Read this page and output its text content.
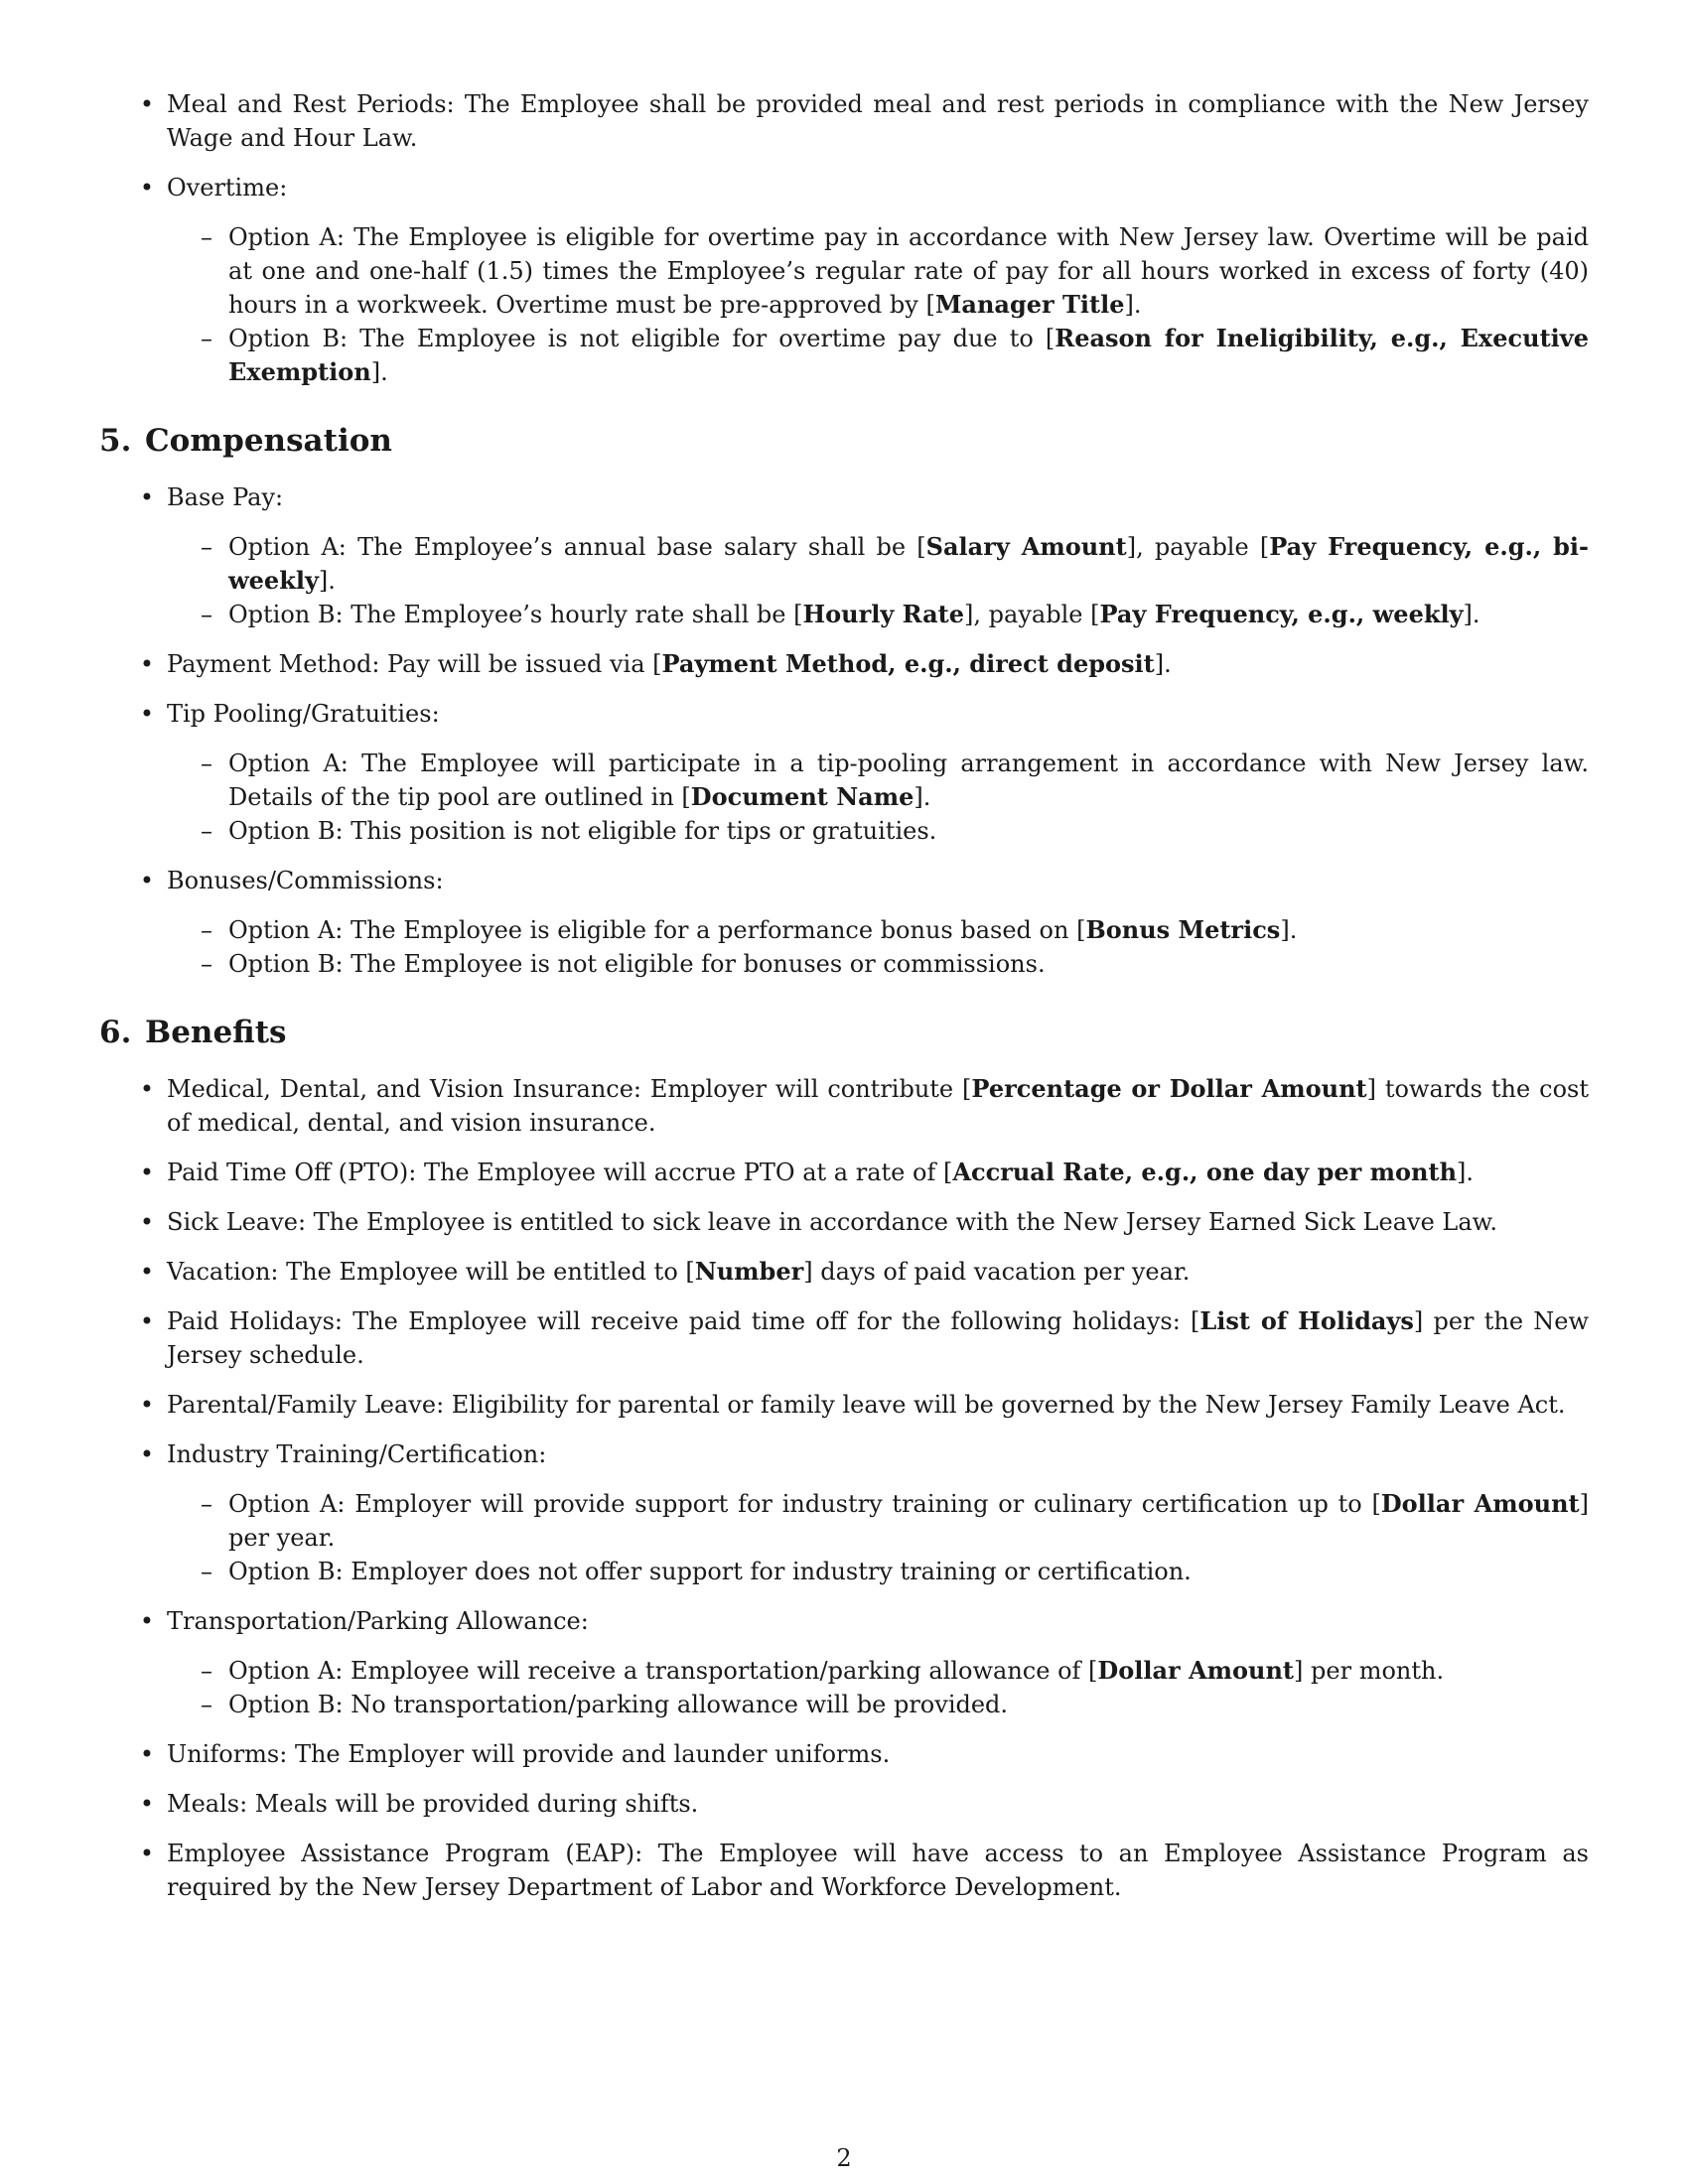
• Meal and Rest Periods: The Employee shall be provided meal and rest periods in compliance with the New Jersey Wage and Hour Law.

• Overtime:
– Option A: The Employee is eligible for overtime pay in accordance with New Jersey law. Overtime will be paid at one and one-half (1.5) times the Employee’s regular rate of pay for all hours worked in excess of forty (40) hours in a workweek. Overtime must be pre-approved by [Manager Title].

– Option B: The Employee is not eligible for overtime pay due to [Reason for Ineligibility, e.g., Executive Exemption].

5. Compensation
• Base Pay:
– Option A: The Employee’s annual base salary shall be [Salary Amount], payable [Pay Frequency, e.g., bi-weekly].

– Option B: The Employee’s hourly rate shall be [Hourly Rate], payable [Pay Frequency, e.g., weekly].

• Payment Method: Pay will be issued via [Payment Method, e.g., direct deposit].

• Tip Pooling/Gratuities:
– Option A: The Employee will participate in a tip-pooling arrangement in accordance with New Jersey law. Details of the tip pool are outlined in [Document Name].

– Option B: This position is not eligible for tips or gratuities.
• Bonuses/Commissions:
– Option A: The Employee is eligible for a performance bonus based on [Bonus Metrics].

– Option B: The Employee is not eligible for bonuses or commissions.
6. Benefits
• Medical, Dental, and Vision Insurance: Employer will contribute [Percentage or Dollar Amount] towards the cost of medical, dental, and vision insurance.

• Paid Time Off (PTO): The Employee will accrue PTO at a rate of [Accrual Rate, e.g., one day per month].

• Sick Leave: The Employee is entitled to sick leave in accordance with the New Jersey Earned Sick Leave Law.
• Vacation: The Employee will be entitled to [Number] days of paid vacation per year.

• Paid Holidays: The Employee will receive paid time off for the following holidays: [List of Holidays] per the New Jersey schedule.

• Parental/Family Leave: Eligibility for parental or family leave will be governed by the New Jersey Family Leave Act.
• Industry Training/Certification:
– Option A: Employer will provide support for industry training or culinary certification up to [Dollar Amount] per year.

– Option B: Employer does not offer support for industry training or certification.
• Transportation/Parking Allowance:
– Option A: Employee will receive a transportation/parking allowance of [Dollar Amount] per month.

– Option B: No transportation/parking allowance will be provided.
• Uniforms: The Employer will provide and launder uniforms.
• Meals: Meals will be provided during shifts.
• Employee Assistance Program (EAP): The Employee will have access to an Employee Assistance Program as required by the New Jersey Department of Labor and Workforce Development.

2
